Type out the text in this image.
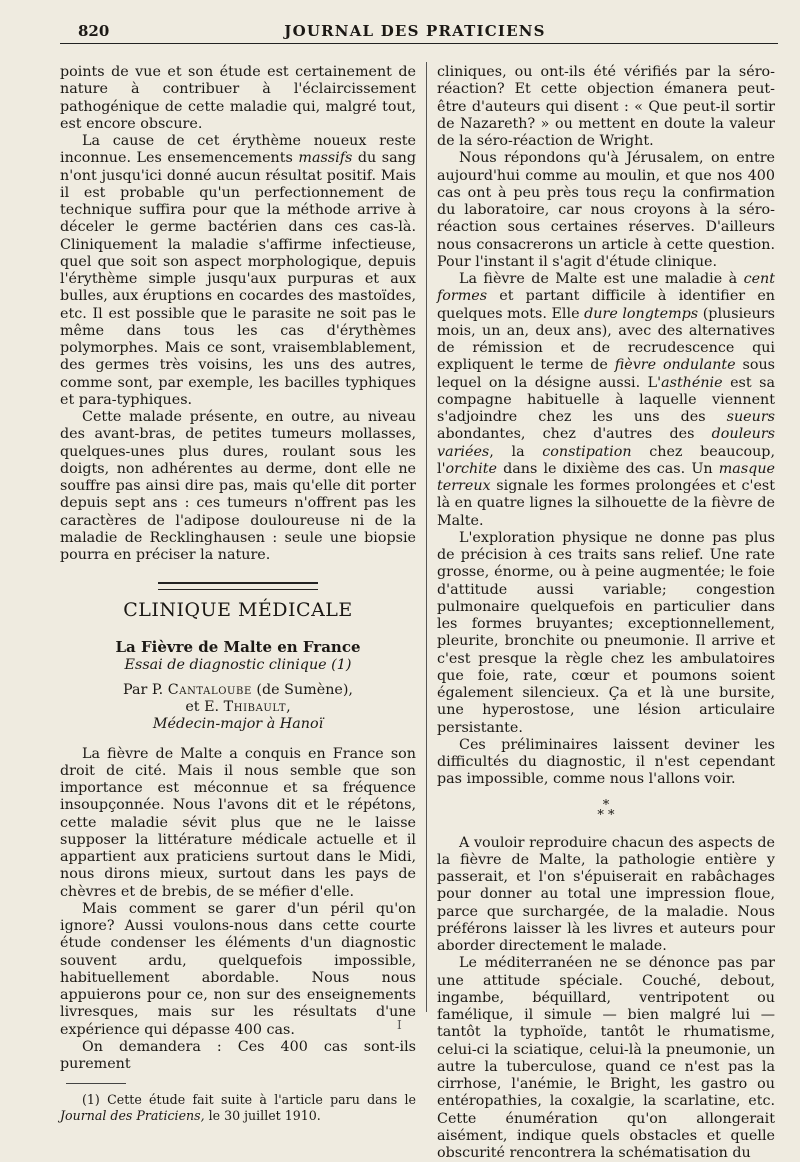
820	JOURNAL DES PRATICIENS

points de vue et son étude est certainement de nature à contribuer à l'éclaircissement pathogénique de cette maladie qui, malgré tout, est encore obscure.

La cause de cet érythème noueux reste inconnue. Les ensemencements massifs du sang n'ont jusqu'ici donné aucun résultat positif. Mais il est probable qu'un perfectionnement de technique suffira pour que la méthode arrive à déceler le germe bactérien dans ces cas-là. Cliniquement la maladie s'affirme infectieuse, quel que soit son aspect morphologique, depuis l'érythème simple jusqu'aux purpuras et aux bulles, aux éruptions en cocardes des mastoïdes, etc. Il est possible que le parasite ne soit pas le même dans tous les cas d'érythèmes polymorphes. Mais ce sont, vraisemblablement, des germes très voisins, les uns des autres, comme sont, par exemple, les bacilles typhiques et para-typhiques.

Cette malade présente, en outre, au niveau des avant-bras, de petites tumeurs mollasses, quelques-unes plus dures, roulant sous les doigts, non adhérentes au derme, dont elle ne souffre pas ainsi dire pas, mais qu'elle dit porter depuis sept ans : ces tumeurs n'offrent pas les caractères de l'adipose douloureuse ni de la maladie de Recklinghausen : seule une biopsie pourra en préciser la nature.

CLINIQUE MÉDICALE

La Fièvre de Malte en France

Essai de diagnostic clinique (1)

Par P. Cantaloube (de Sumène),

et E. Thibault,

Médecin-major à Hanoï

La fièvre de Malte a conquis en France son droit de cité. Mais il nous semble que son importance est méconnue et sa fréquence insoupçonnée. Nous l'avons dit et le répétons, cette maladie sévit plus que ne le laisse supposer la littérature médicale actuelle et il appartient aux praticiens surtout dans le Midi, nous dirons mieux, surtout dans les pays de chèvres et de brebis, de se méfier d'elle.

Mais comment se garer d'un péril qu'on ignore? Aussi voulons-nous dans cette courte étude condenser les éléments d'un diagnostic souvent ardu, quelquefois impossible, habituellement abordable. Nous nous appuierons pour ce, non sur des enseignements livresques, mais sur les résultats d'une expérience qui dépasse 400 cas.

On demandera : Ces 400 cas sont-ils purement

(1) Cette étude fait suite à l'article paru dans le Journal des Praticiens, le 30 juillet 1910.

cliniques, ou ont-ils été vérifiés par la séro-réaction? Et cette objection émanera peut-être d'auteurs qui disent : « Que peut-il sortir de Nazareth? » ou mettent en doute la valeur de la séro-réaction de Wright.

Nous répondons qu'à Jérusalem, on entre aujourd'hui comme au moulin, et que nos 400 cas ont à peu près tous reçu la confirmation du laboratoire, car nous croyons à la séro-réaction sous certaines réserves. D'ailleurs nous consacrerons un article à cette question. Pour l'instant il s'agit d'étude clinique.

La fièvre de Malte est une maladie à cent formes et partant difficile à identifier en quelques mots. Elle dure longtemps (plusieurs mois, un an, deux ans), avec des alternatives de rémission et de recrudescence qui expliquent le terme de fièvre ondulante sous lequel on la désigne aussi. L'asthénie est sa compagne habituelle à laquelle viennent s'adjoindre chez les uns des sueurs abondantes, chez d'autres des douleurs variées, la constipation chez beaucoup, l'orchite dans le dixième des cas. Un masque terreux signale les formes prolongées et c'est là en quatre lignes la silhouette de la fièvre de Malte.

L'exploration physique ne donne pas plus de précision à ces traits sans relief. Une rate grosse, énorme, ou à peine augmentée; le foie d'attitude aussi variable; congestion pulmonaire quelquefois en particulier dans les formes bruyantes; exceptionnellement, pleurite, bronchite ou pneumonie. Il arrive et c'est presque la règle chez les ambulatoires que foie, rate, cœur et poumons soient également silencieux. Ça et là une bursite, une hyperostose, une lésion articulaire persistante.

Ces préliminaires laissent deviner les difficultés du diagnostic, il n'est cependant pas impossible, comme nous l'allons voir.

*
* *

A vouloir reproduire chacun des aspects de la fièvre de Malte, la pathologie entière y passerait, et l'on s'épuiserait en rabâchages pour donner au total une impression floue, parce que surchargée, de la maladie. Nous préférons laisser là les livres et auteurs pour aborder directement le malade.

Le méditerranéen ne se dénonce pas par une attitude spéciale. Couché, debout, ingambe, béquillard, ventripotent ou famélique, il simule — bien malgré lui — tantôt la typhoïde, tantôt le rhumatisme, celui-ci la sciatique, celui-là la pneumonie, un autre la tuberculose, quand ce n'est pas la cirrhose, l'anémie, le Bright, les gastro ou entéropathies, la coxalgie, la scarlatine, etc. Cette énumération qu'on allongerait aisément, indique quels obstacles et quelle obscurité rencontrera la schématisation du

I
